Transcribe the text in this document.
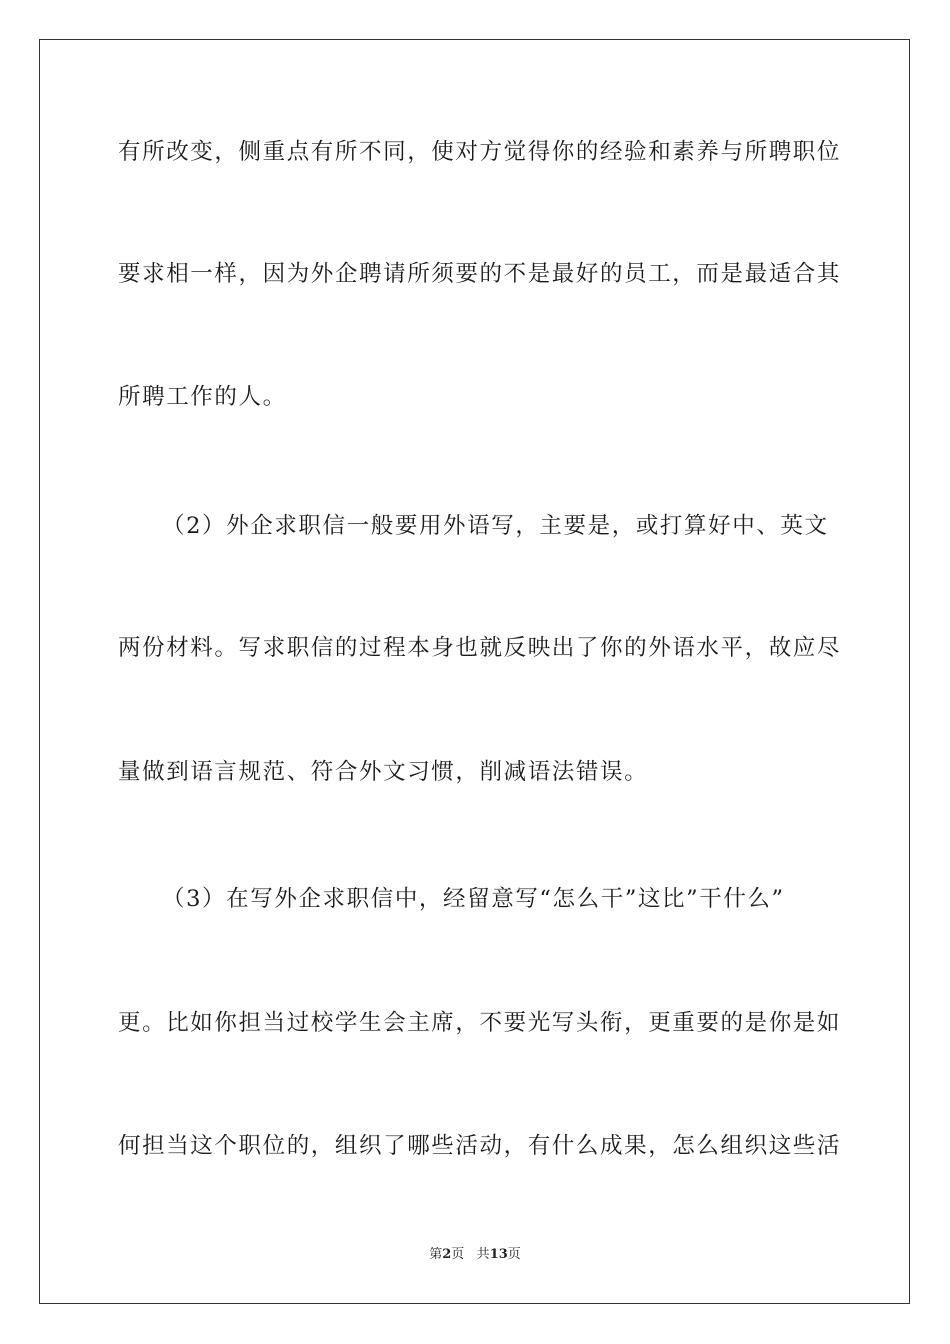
有所改变，侧重点有所不同，使对方觉得你的经验和素养与所聘职位
要求相一样，因为外企聘请所须要的不是最好的员工，而是最适合其
所聘工作的人。
（2）外企求职信一般要用外语写，主要是，或打算好中、英文
两份材料。写求职信的过程本身也就反映出了你的外语水平，故应尽
量做到语言规范、符合外文习惯，削减语法错误。
（3）在写外企求职信中，经留意写“怎么干”这比”干什么”
更。比如你担当过校学生会主席，不要光写头衔，更重要的是你是如
何担当这个职位的，组织了哪些活动，有什么成果，怎么组织这些活
第2页 共13页
